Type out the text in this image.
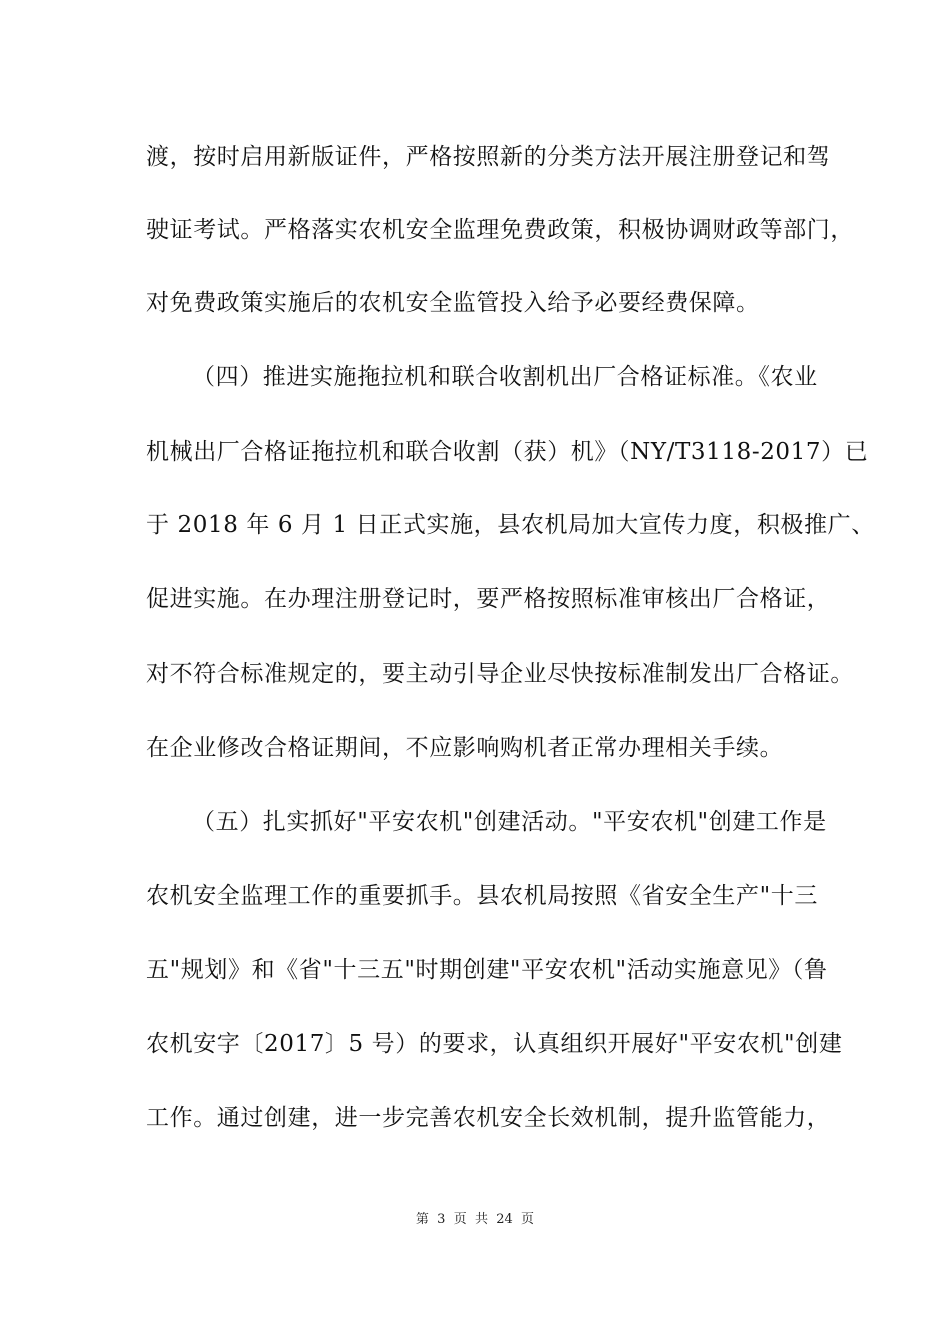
渡，按时启用新版证件，严格按照新的分类方法开展注册登记和驾
驶证考试。严格落实农机安全监理免费政策，积极协调财政等部门，
对免费政策实施后的农机安全监管投入给予必要经费保障。
（四）推进实施拖拉机和联合收割机出厂合格证标准。《农业
机械出厂合格证拖拉机和联合收割（获）机》（NY/T3118-2017）已
于 2018 年 6 月 1 日正式实施，县农机局加大宣传力度，积极推广、
促进实施。在办理注册登记时，要严格按照标准审核出厂合格证，
对不符合标准规定的，要主动引导企业尽快按标准制发出厂合格证。
在企业修改合格证期间，不应影响购机者正常办理相关手续。
（五）扎实抓好"平安农机"创建活动。"平安农机"创建工作是
农机安全监理工作的重要抓手。县农机局按照《省安全生产"十三
五"规划》和《省"十三五"时期创建"平安农机"活动实施意见》（鲁
农机安字〔2017〕5 号）的要求，认真组织开展好"平安农机"创建
工作。通过创建，进一步完善农机安全长效机制，提升监管能力，
第  3  页  共  24  页
